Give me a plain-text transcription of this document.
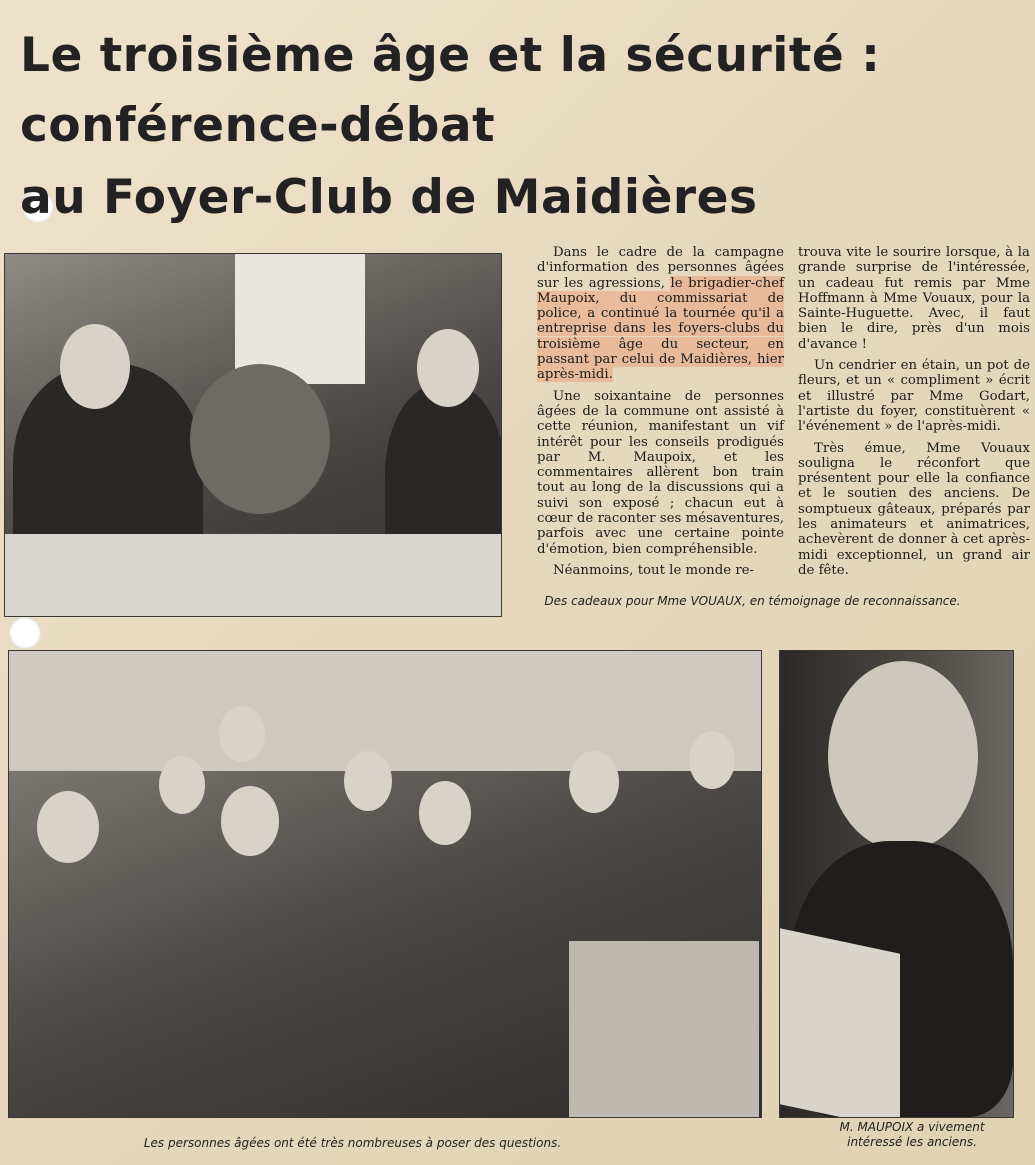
Le troisième âge et la sécurité :
conférence-débat
au Foyer-Club de Maidières

Dans le cadre de la campagne d'information des personnes âgées sur les agressions, le brigadier-chef Maupoix, du commissariat de police, a continué la tournée qu'il a entreprise dans les foyers-clubs du troisième âge du secteur, en passant par celui de Maidières, hier après-midi.

Une soixantaine de personnes âgées de la commune ont assisté à cette réunion, manifestant un vif intérêt pour les conseils prodigués par M. Maupoix, et les commentaires allèrent bon train tout au long de la discussions qui a suivi son exposé ; chacun eut à cœur de raconter ses mésaventures, parfois avec une certaine pointe d'émotion, bien compréhensible.

Néanmoins, tout le monde re-

trouva vite le sourire lorsque, à la grande surprise de l'intéressée, un cadeau fut remis par Mme Hoffmann à Mme Vouaux, pour la Sainte-Huguette. Avec, il faut bien le dire, près d'un mois d'avance !

Un cendrier en étain, un pot de fleurs, et un « compliment » écrit et illustré par Mme Godart, l'artiste du foyer, constituèrent « l'événement » de l'après-midi.

Très émue, Mme Vouaux souligna le réconfort que présentent pour elle la confiance et le soutien des anciens. De somptueux gâteaux, préparés par les animateurs et animatrices, achevèrent de donner à cet après-midi exceptionnel, un grand air de fête.

Des cadeaux pour Mme VOUAUX, en témoignage de reconnaissance.

Les personnes âgées ont été très nombreuses à poser des questions.

M. MAUPOIX a vivement intéressé les anciens.
